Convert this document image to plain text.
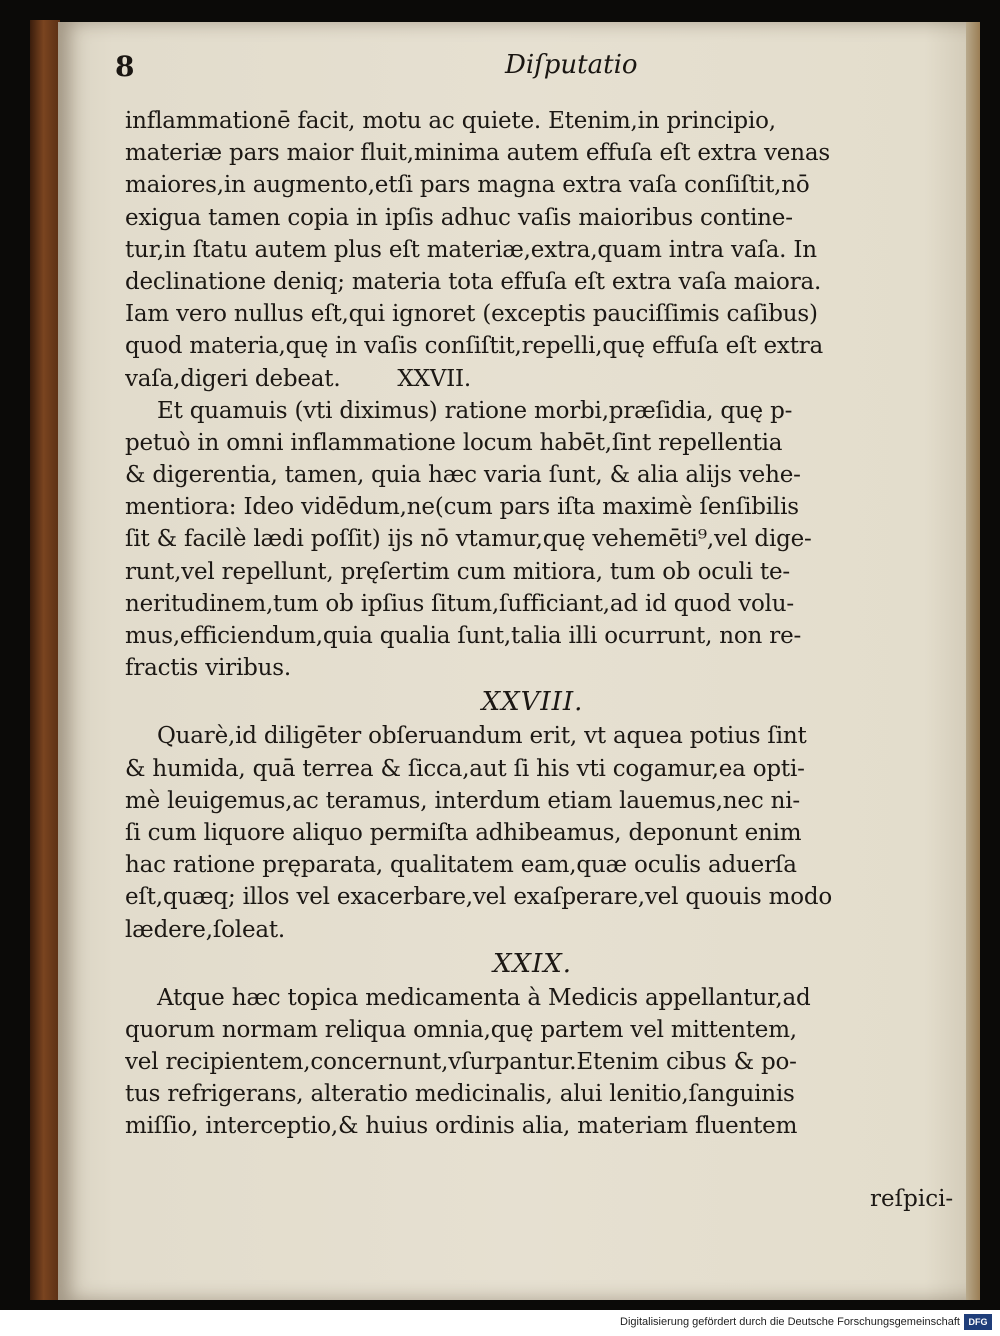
8	Diſputatio
inflammationē facit, motu ac quiete. Etenim,in principio,
materiæ pars maior fluit,minima autem effuſa eſt extra venas
maiores,in augmento,etſi pars magna extra vaſa conſiſtit,nō
exigua tamen copia in ipſis adhuc vaſis maioribus contine-
tur,in ſtatu autem plus eſt materiæ,extra,quam intra vaſa. In
declinatione deniq; materia tota effuſa eſt extra vaſa maiora.
Iam vero nullus eſt,qui ignoret (exceptis pauciſſimis caſibus)
quod materia,quę in vaſis conſiſtit,repelli,quę effuſa eſt extra
vaſa,digeri debeat.        XXVII.
Et quamuis (vti diximus) ratione morbi,præſidia, quę p-
petuò in omni inflammatione locum habēt,ſint repellentia
& digerentia, tamen, quia hæc varia ſunt, & alia alijs vehe-
mentiora: Ideo vidēdum,ne(cum pars iſta maximè ſenſibilis
ſit & facilè lædi poſſit) ijs nō vtamur,quę vehemēti⁹,vel dige-
runt,vel repellunt, pręſertim cum mitiora, tum ob oculi te-
neritudinem,tum ob ipſius ſitum,ſufficiant,ad id quod volu-
mus,efficiendum,quia qualia ſunt,talia illi ocurrunt, non re-
fractis viribus.
XXVIII.
Quarè,id diligēter obſeruandum erit, vt aquea potius ſint
& humida, quā terrea & ſicca,aut ſi his vti cogamur,ea opti-
mè leuigemus,ac teramus, interdum etiam lauemus,nec ni-
ſi cum liquore aliquo permiſta adhibeamus, deponunt enim
hac ratione pręparata, qualitatem eam,quæ oculis aduerſa
eſt,quæq; illos vel exacerbare,vel exaſperare,vel quouis modo
lædere,ſoleat.
XXIX.
Atque hæc topica medicamenta à Medicis appellantur,ad
quorum normam reliqua omnia,quę partem vel mittentem,
vel recipientem,concernunt,vſurpantur.Etenim cibus & po-
tus refrigerans, alteratio medicinalis, alui lenitio,ſanguinis
miſſio, interceptio,& huius ordinis alia, materiam fluentem
reſpici-
Digitalisierung gefördert durch die Deutsche Forschungsgemeinschaft DFG
